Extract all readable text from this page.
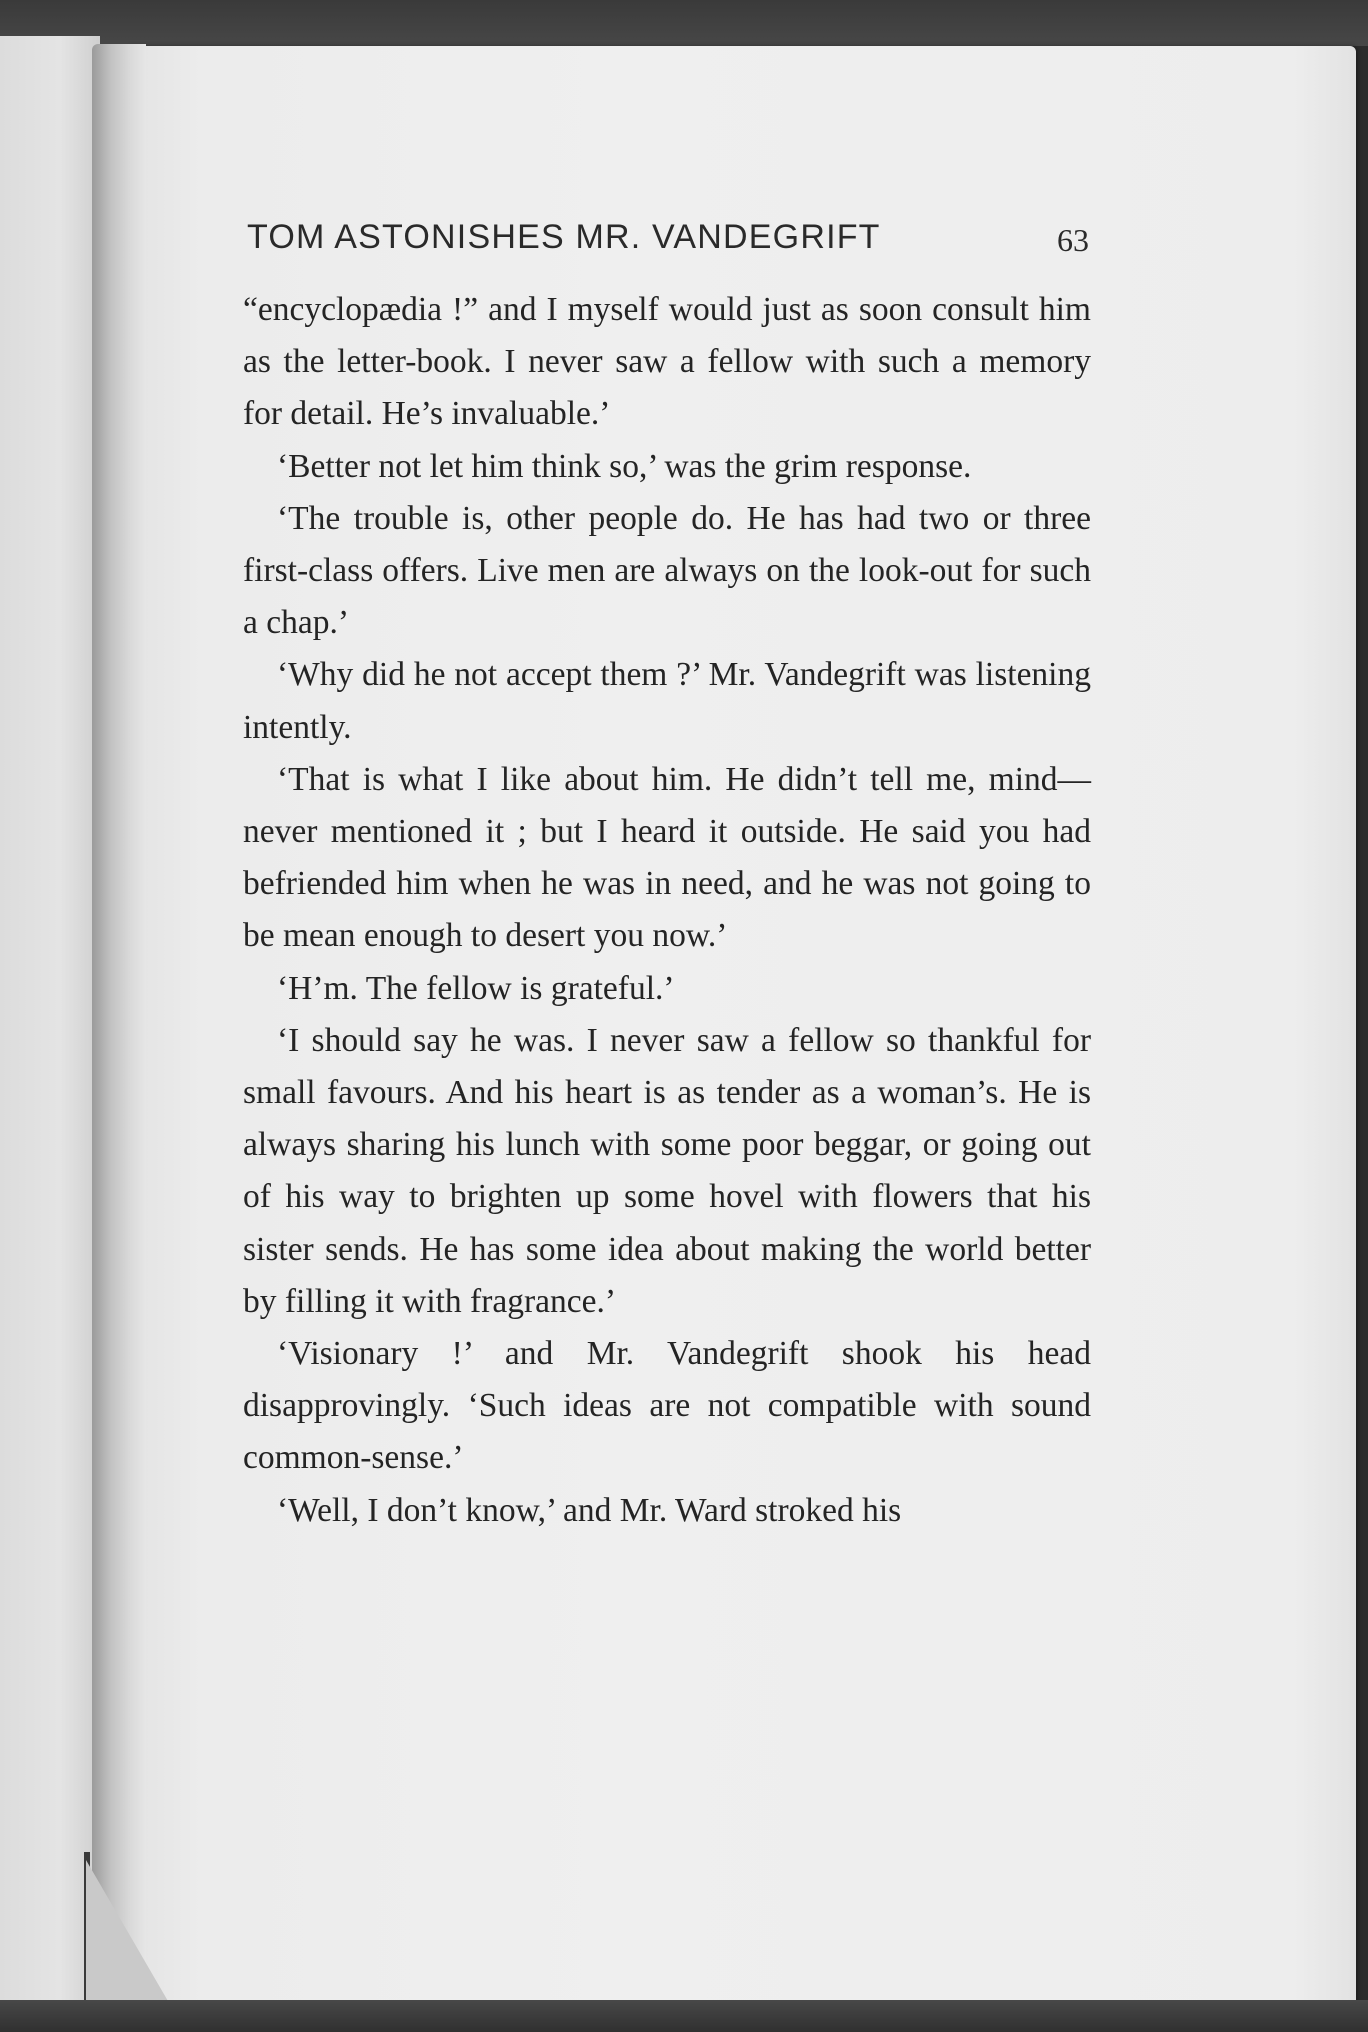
TOM ASTONISHES MR. VANDEGRIFT	63

“encyclopædia !” and I myself would just as soon consult him as the letter-book. I never saw a fellow with such a memory for detail. He’s invaluable.’

‘Better not let him think so,’ was the grim response.

‘The trouble is, other people do. He has had two or three first-class offers. Live men are always on the look-out for such a chap.’

‘Why did he not accept them ?’ Mr. Vandegrift was listening intently.

‘That is what I like about him. He didn’t tell me, mind—never mentioned it ; but I heard it outside. He said you had befriended him when he was in need, and he was not going to be mean enough to desert you now.’

‘H’m. The fellow is grateful.’

‘I should say he was. I never saw a fellow so thankful for small favours. And his heart is as tender as a woman’s. He is always sharing his lunch with some poor beggar, or going out of his way to brighten up some hovel with flowers that his sister sends. He has some idea about making the world better by filling it with fragrance.’

‘Visionary !’ and Mr. Vandegrift shook his head disapprovingly. ‘Such ideas are not compatible with sound common-sense.’

‘Well, I don’t know,’ and Mr. Ward stroked his
